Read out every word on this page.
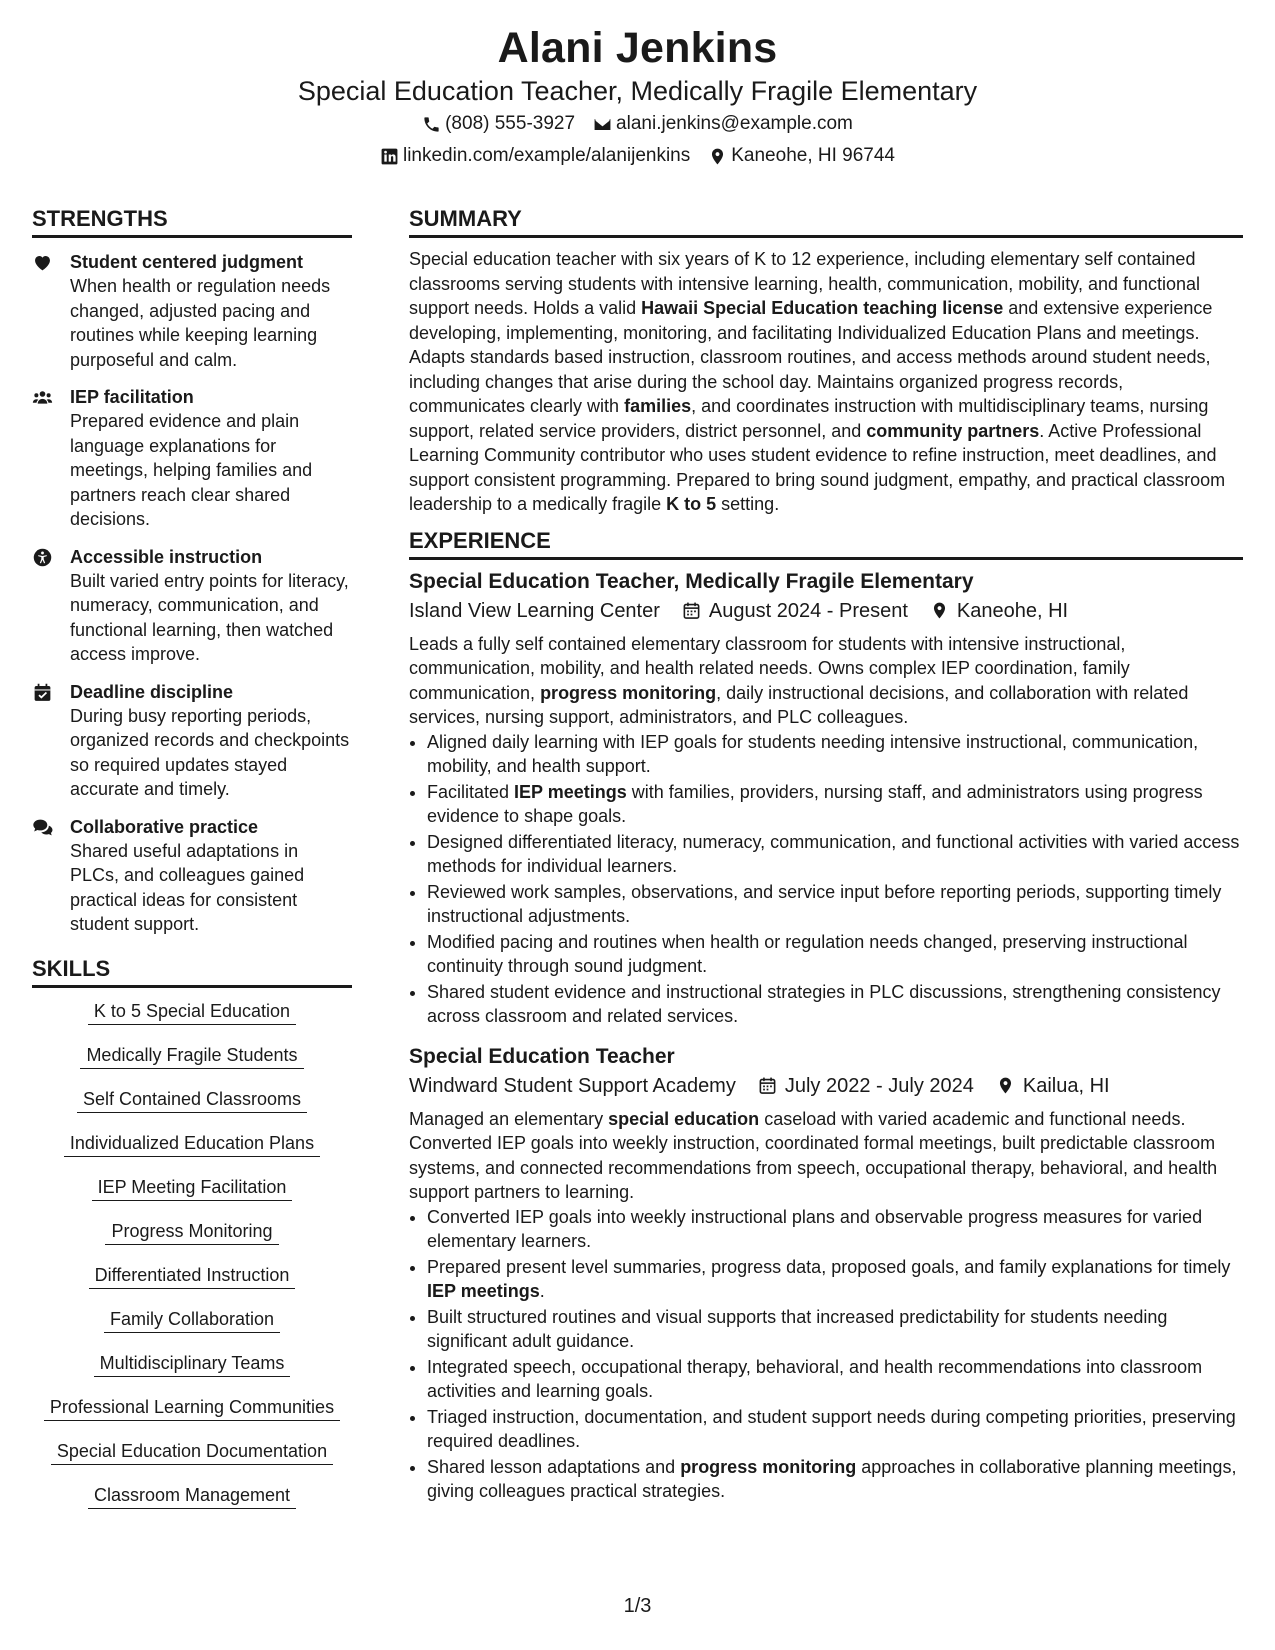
Alani Jenkins
Special Education Teacher, Medically Fragile Elementary
(808) 555-3927 alani.jenkins@example.com
linkedin.com/example/alanijenkins Kaneohe, HI 96744
STRENGTHS
Student centered judgment
When health or regulation needs changed, adjusted pacing and routines while keeping learning purposeful and calm.
IEP facilitation
Prepared evidence and plain language explanations for meetings, helping families and partners reach clear shared decisions.
Accessible instruction
Built varied entry points for literacy, numeracy, communication, and functional learning, then watched access improve.
Deadline discipline
During busy reporting periods, organized records and checkpoints so required updates stayed accurate and timely.
Collaborative practice
Shared useful adaptations in PLCs, and colleagues gained practical ideas for consistent student support.
SKILLS
K to 5 Special Education
Medically Fragile Students
Self Contained Classrooms
Individualized Education Plans
IEP Meeting Facilitation
Progress Monitoring
Differentiated Instruction
Family Collaboration
Multidisciplinary Teams
Professional Learning Communities
Special Education Documentation
Classroom Management
SUMMARY

Special education teacher with six years of K to 12 experience, including elementary self contained classrooms serving students with intensive learning, health, communication, mobility, and functional support needs. Holds a valid Hawaii Special Education teaching license and extensive experience developing, implementing, monitoring, and facilitating Individualized Education Plans and meetings. Adapts standards based instruction, classroom routines, and access methods around student needs, including changes that arise during the school day. Maintains organized progress records, communicates clearly with families, and coordinates instruction with multidisciplinary teams, nursing support, related service providers, district personnel, and community partners. Active Professional Learning Community contributor who uses student evidence to refine instruction, meet deadlines, and support consistent programming. Prepared to bring sound judgment, empathy, and practical classroom leadership to a medically fragile K to 5 setting.

EXPERIENCE
Special Education Teacher, Medically Fragile Elementary
Island View Learning Center August 2024 - Present Kaneohe, HI

Leads a fully self contained elementary classroom for students with intensive instructional, communication, mobility, and health related needs. Owns complex IEP coordination, family communication, progress monitoring, daily instructional decisions, and collaboration with related services, nursing support, administrators, and PLC colleagues.

• Aligned daily learning with IEP goals for students needing intensive instructional, communication, mobility, and health support.
• Facilitated IEP meetings with families, providers, nursing staff, and administrators using progress evidence to shape goals.
• Designed differentiated literacy, numeracy, communication, and functional activities with varied access methods for individual learners.
• Reviewed work samples, observations, and service input before reporting periods, supporting timely instructional adjustments.
• Modified pacing and routines when health or regulation needs changed, preserving instructional continuity through sound judgment.
• Shared student evidence and instructional strategies in PLC discussions, strengthening consistency across classroom and related services.
Special Education Teacher
Windward Student Support Academy July 2022 - July 2024 Kailua, HI

Managed an elementary special education caseload with varied academic and functional needs. Converted IEP goals into weekly instruction, coordinated formal meetings, built predictable classroom systems, and connected recommendations from speech, occupational therapy, behavioral, and health support partners to learning.

• Converted IEP goals into weekly instructional plans and observable progress measures for varied elementary learners.
• Prepared present level summaries, progress data, proposed goals, and family explanations for timely IEP meetings.
• Built structured routines and visual supports that increased predictability for students needing significant adult guidance.
• Integrated speech, occupational therapy, behavioral, and health recommendations into classroom activities and learning goals.
• Triaged instruction, documentation, and student support needs during competing priorities, preserving required deadlines.
• Shared lesson adaptations and progress monitoring approaches in collaborative planning meetings, giving colleagues practical strategies.
1/3
